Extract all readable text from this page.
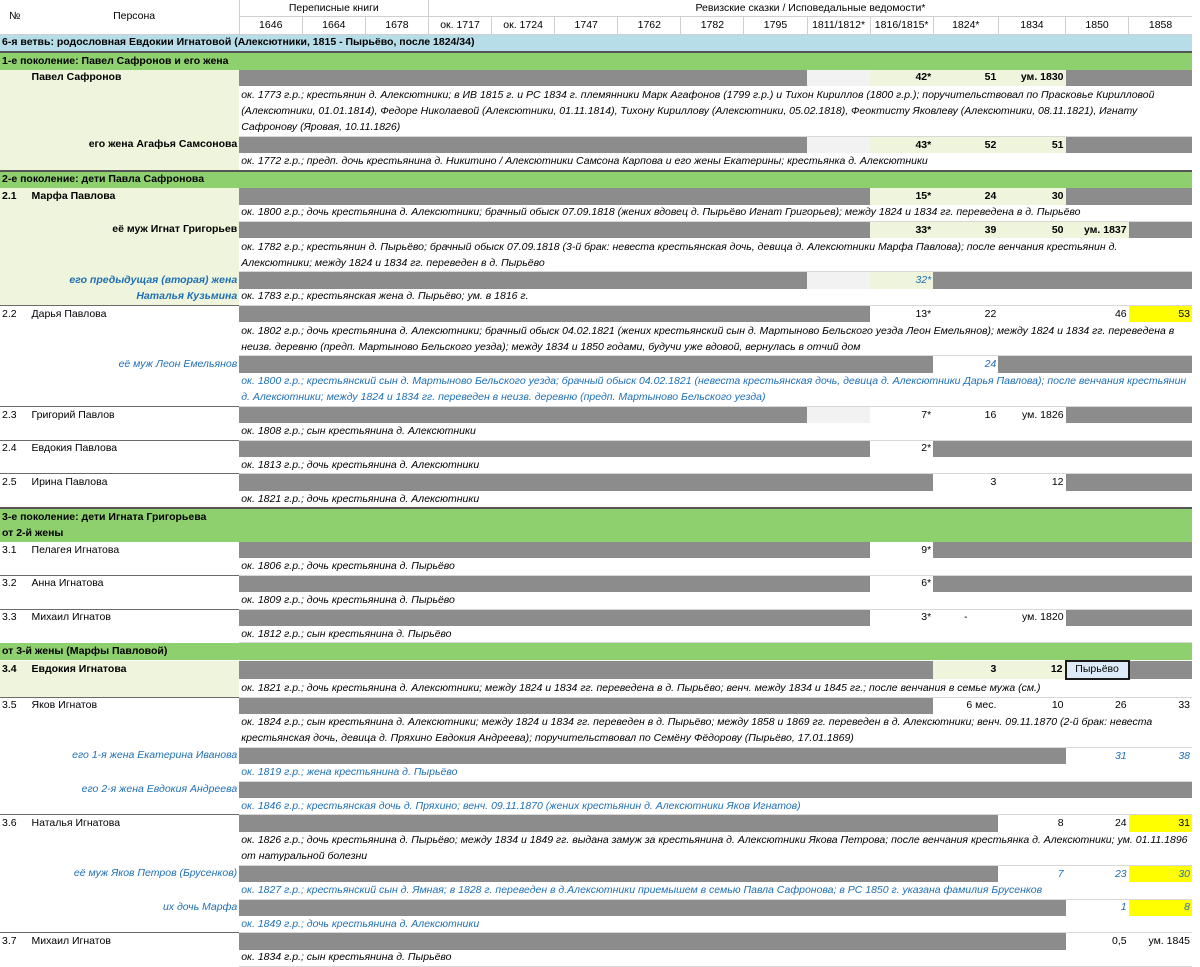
№	Персона	Переписные книги			Ревизские сказки / Исповедальные ведомости*											
		1646	1664	1678	ок. 1717	ок. 1724	1747	1762	1782	1795	1811/1812*	1816/1815*	1824*	1834	1850	1858
6-я ветвь: родословная Евдокии Игнатовой (Алексютники, 1815 - Пырьёво, после 1824/34)																
1-е поколение: Павел Сафронов и его жена																
	Павел Сафронов											42*	51	ум. 1830		
		ок. 1773 г.р.; крестьянин д. Алексютники; в ИВ 1815 г. и РС 1834 г. племянники Марк Агафонов (1799 г.р.) и Тихон Кириллов (1800 г.р.); поручительствовал по Прасковье Кирилловой (Алексютники, 01.01.1814), Федоре Николаевой (Алексютники, 01.11.1814), Тихону Кириллову (Алексютники, 05.02.1818), Феоктисту Яковлеву (Алексютники, 08.11.1821), Игнату Сафронову (Яровая, 10.11.1826)														
	его жена Агафья Самсонова											43*	52	51		
		ок. 1772 г.р.; предп. дочь крестьянина д. Никитино / Алексютники Самсона Карпова и его жены Екатерины; крестьянка д. Алексютники														
2-е поколение: дети Павла Сафронова																
2.1	Марфа Павлова											15*	24	30		
		ок. 1800 г.р.; дочь крестьянина д. Алексютники; брачный обыск 07.09.1818 (жених вдовец д. Пырьёво Игнат Григорьев); между 1824 и 1834 гг. переведена в д. Пырьёво														
	её муж Игнат Григорьев											33*	39	50	ум. 1837	
		ок. 1782 г.р.; крестьянин д. Пырьёво; брачный обыск 07.09.1818 (3-й брак: невеста крестьянская дочь, девица д. Алексютники Марфа Павлова); после венчания крестьянин д. Алексютники; между 1824 и 1834 гг. переведен в д. Пырьёво														
	его предыдущая (вторая) жена											32*				
	Наталья Кузьмина	ок. 1783 г.р.; крестьянская жена д. Пырьёво; ум. в 1816 г.														
2.2	Дарья Павлова											13*	22		46	53
		ок. 1802 г.р.; дочь крестьянина д. Алексютники; брачный обыск 04.02.1821 (жених крестьянский сын д. Мартыново Бельского уезда Леон Емельянов); между 1824 и 1834 гг. переведена в неизв. деревню (предп. Мартыново Бельского уезда); между 1834 и 1850 годами, будучи уже вдовой, вернулась в отчий дом														
	её муж Леон Емельянов												24			
		ок. 1800 г.р.; крестьянский сын д. Мартыново Бельского уезда; брачный обыск 04.02.1821 (невеста крестьянская дочь, девица д. Алексютники Дарья Павлова); после венчания крестьянин д. Алексютники; между 1824 и 1834 гг. переведен в неизв. деревню (предп. Мартыново Бельского уезда)														
2.3	Григорий Павлов											7*	16	ум. 1826		
		ок. 1808 г.р.; сын крестьянина д. Алексютники														
2.4	Евдокия Павлова											2*				
		ок. 1813 г.р.; дочь крестьянина д. Алексютники														
2.5	Ирина Павлова												3	12		
		ок. 1821 г.р.; дочь крестьянина д. Алексютники														
3-е поколение: дети Игната Григорьева																
от 2-й жены																
3.1	Пелагея Игнатова											9*				
		ок. 1806 г.р.; дочь крестьянина д. Пырьёво														
3.2	Анна Игнатова											6*				
		ок. 1809 г.р.; дочь крестьянина д. Пырьёво														
3.3	Михаил Игнатов											3*	-	ум. 1820		
		ок. 1812 г.р.; сын крестьянина д. Пырьёво														
от 3-й жены (Марфы Павловой)																
3.4	Евдокия Игнатова												3	12	Пырьёво	
		ок. 1821 г.р.; дочь крестьянина д. Алексютники; между 1824 и 1834 гг. переведена в д. Пырьёво; венч. между 1834 и 1845 гг.; после венчания в семье мужа (см.)														
3.5	Яков Игнатов												6 мес.	10	26	33
		ок. 1824 г.р.; сын крестьянина д. Алексютники; между 1824 и 1834 гг. переведен в д. Пырьёво; между 1858 и 1869 гг. переведен в д. Алексютники; венч. 09.11.1870 (2-й брак: невеста крестьянская дочь, девица д. Пряхино Евдокия Андреева); поручительствовал по Семёну Фёдорову (Пырьёво, 17.01.1869)														
	его 1-я жена Екатерина Иванова														31	38
		ок. 1819 г.р.; жена крестьянина д. Пырьёво														
	его 2-я жена Евдокия Андреева															
		ок. 1846 г.р.; крестьянская дочь д. Пряхино; венч. 09.11.1870 (жених крестьянин д. Алексютники Яков Игнатов)														
3.6	Наталья Игнатова													8	24	31
		ок. 1826 г.р.; дочь крестьянина д. Пырьёво; между 1834 и 1849 гг. выдана замуж за крестьянина д. Алексютники Якова Петрова; после венчания крестьянка д. Алексютники; ум. 01.11.1896 от натуральной болезни														
	её муж Яков Петров (Брусенков)													7	23	30
		ок. 1827 г.р.; крестьянский сын д. Ямная; в 1828 г. переведен в д.Алексютники приемышем в семью Павла Сафронова; в РС 1850 г. указана фамилия Брусенков														
	их дочь Марфа														1	8
		ок. 1849 г.р.; дочь крестьянина д. Алексютники														
3.7	Михаил Игнатов														0,5	ум. 1845
		ок. 1834 г.р.; сын крестьянина д. Пырьёво														
